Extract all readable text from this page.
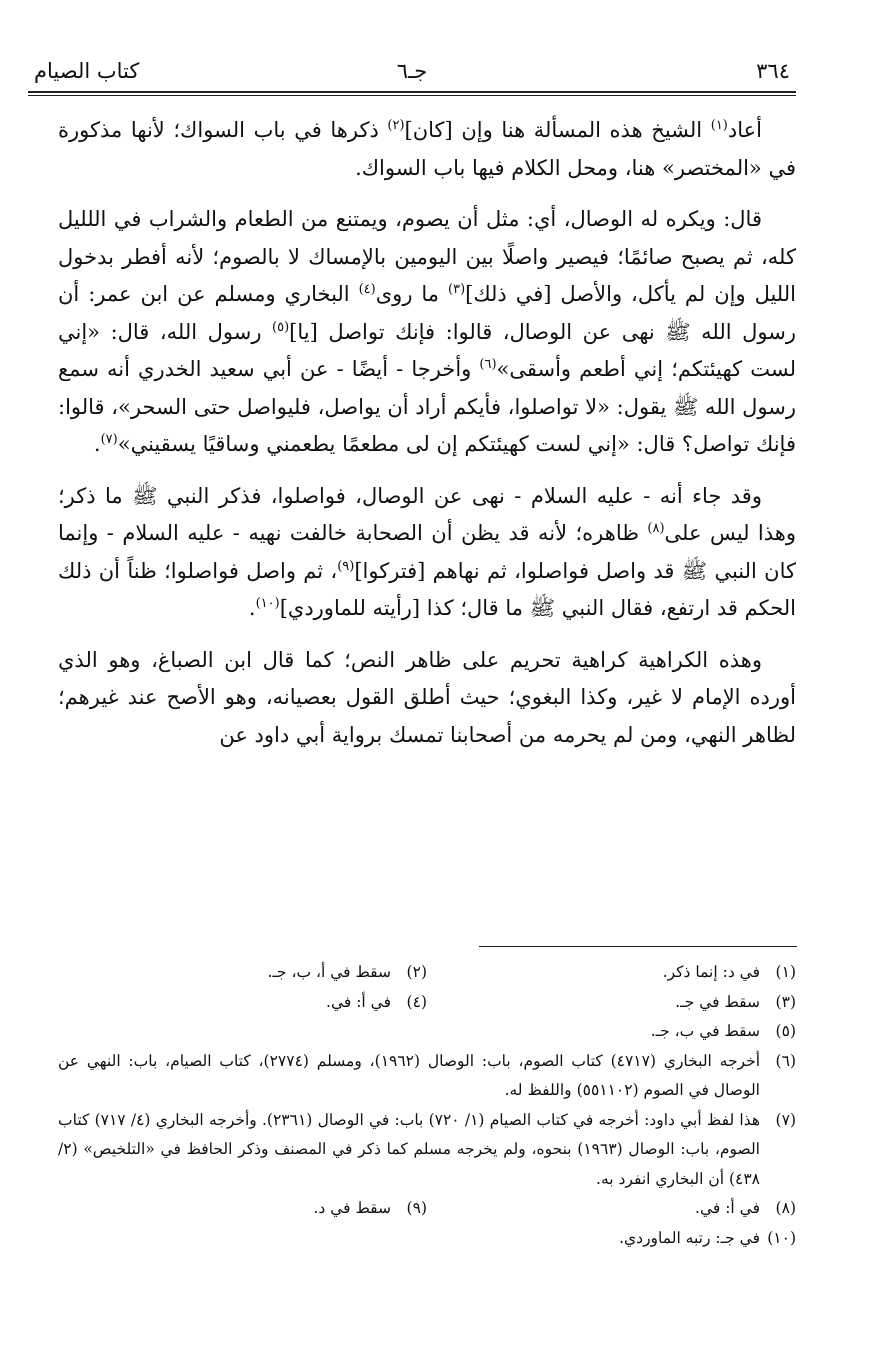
٣٦٤
جـ٦
كتاب الصيام

أعاد$^{(١)}$ الشيخ هذه المسألة هنا وإن [كان]$^{(٢)}$ ذكرها في باب السواك؛ لأنها مذكورة في «المختصر» هنا، ومحل الكلام فيها باب السواك.

قال: ويكره له الوصال، أي: مثل أن يصوم، ويمتنع من الطعام والشراب في اللليل كله، ثم يصبح صائمًا؛ فيصير واصلًا بين اليومين بالإمساك لا بالصوم؛ لأنه أفطر بدخول الليل وإن لم يأكل، والأصل [في ذلك]$^{(٣)}$ ما روى$^{(٤)}$ البخاري ومسلم عن ابن عمر: أن رسول الله ﷺ نهى عن الوصال، قالوا: فإنك تواصل [يا]$^{(٥)}$ رسول الله، قال: «إني لست كهيئتكم؛ إني أطعم وأسقى»$^{(٦)}$ وأخرجا - أيضًا - عن أبي سعيد الخدري أنه سمع رسول الله ﷺ يقول: «لا تواصلوا، فأيكم أراد أن يواصل، فليواصل حتى السحر»، قالوا: فإنك تواصل؟ قال: «إني لست كهيئتكم إن لى مطعمًا يطعمني وساقيًا يسقيني»$^{(٧)}$.

وقد جاء أنه - عليه السلام - نهى عن الوصال، فواصلوا، فذكر النبي ﷺ ما ذكر؛ وهذا ليس على$^{(٨)}$ ظاهره؛ لأنه قد يظن أن الصحابة خالفت نهيه - عليه السلام - وإنما كان النبي ﷺ قد واصل فواصلوا، ثم نهاهم [فتركوا]$^{(٩)}$، ثم واصل فواصلوا؛ ظناً أن ذلك الحكم قد ارتفع، فقال النبي ﷺ ما قال؛ كذا [رأيته للماوردي]$^{(١٠)}$.

وهذه الكراهية كراهية تحريم على ظاهر النص؛ كما قال ابن الصباغ، وهو الذي أورده الإمام لا غير، وكذا البغوي؛ حيث أطلق القول بعصيانه، وهو الأصح عند غيرهم؛ لظاهر النهي، ومن لم يحرمه من أصحابنا تمسك برواية أبي داود عن

(١)
في د: إنما ذكر.
(٢)
سقط في أ، ب، جـ.
(٣)
سقط في جـ.
(٤)
في أ: في.
(٥)
سقط في ب، جـ.
(٦)
أخرجه البخاري (٤٧١٧) كتاب الصوم، باب: الوصال (١٩٦٢)، ومسلم (٢٧٧٤)، كتاب الصيام، باب: النهي عن الوصال في الصوم (٥٥١١٠٢) واللفظ له.
(٧)
هذا لفظ أبي داود: أخرجه في كتاب الصيام (١/ ٧٢٠) باب: في الوصال (٢٣٦١). وأخرجه البخاري (٤/ ٧١٧) كتاب الصوم، باب: الوصال (١٩٦٣) بنحوه، ولم يخرجه مسلم كما ذكر في المصنف وذكر الحافظ في «التلخيص» (٢/ ٤٣٨) أن البخاري انفرد به.
(٨)
في أ: في.
(٩)
سقط في د.
(١٠)
في جـ: رتبه الماوردي.
